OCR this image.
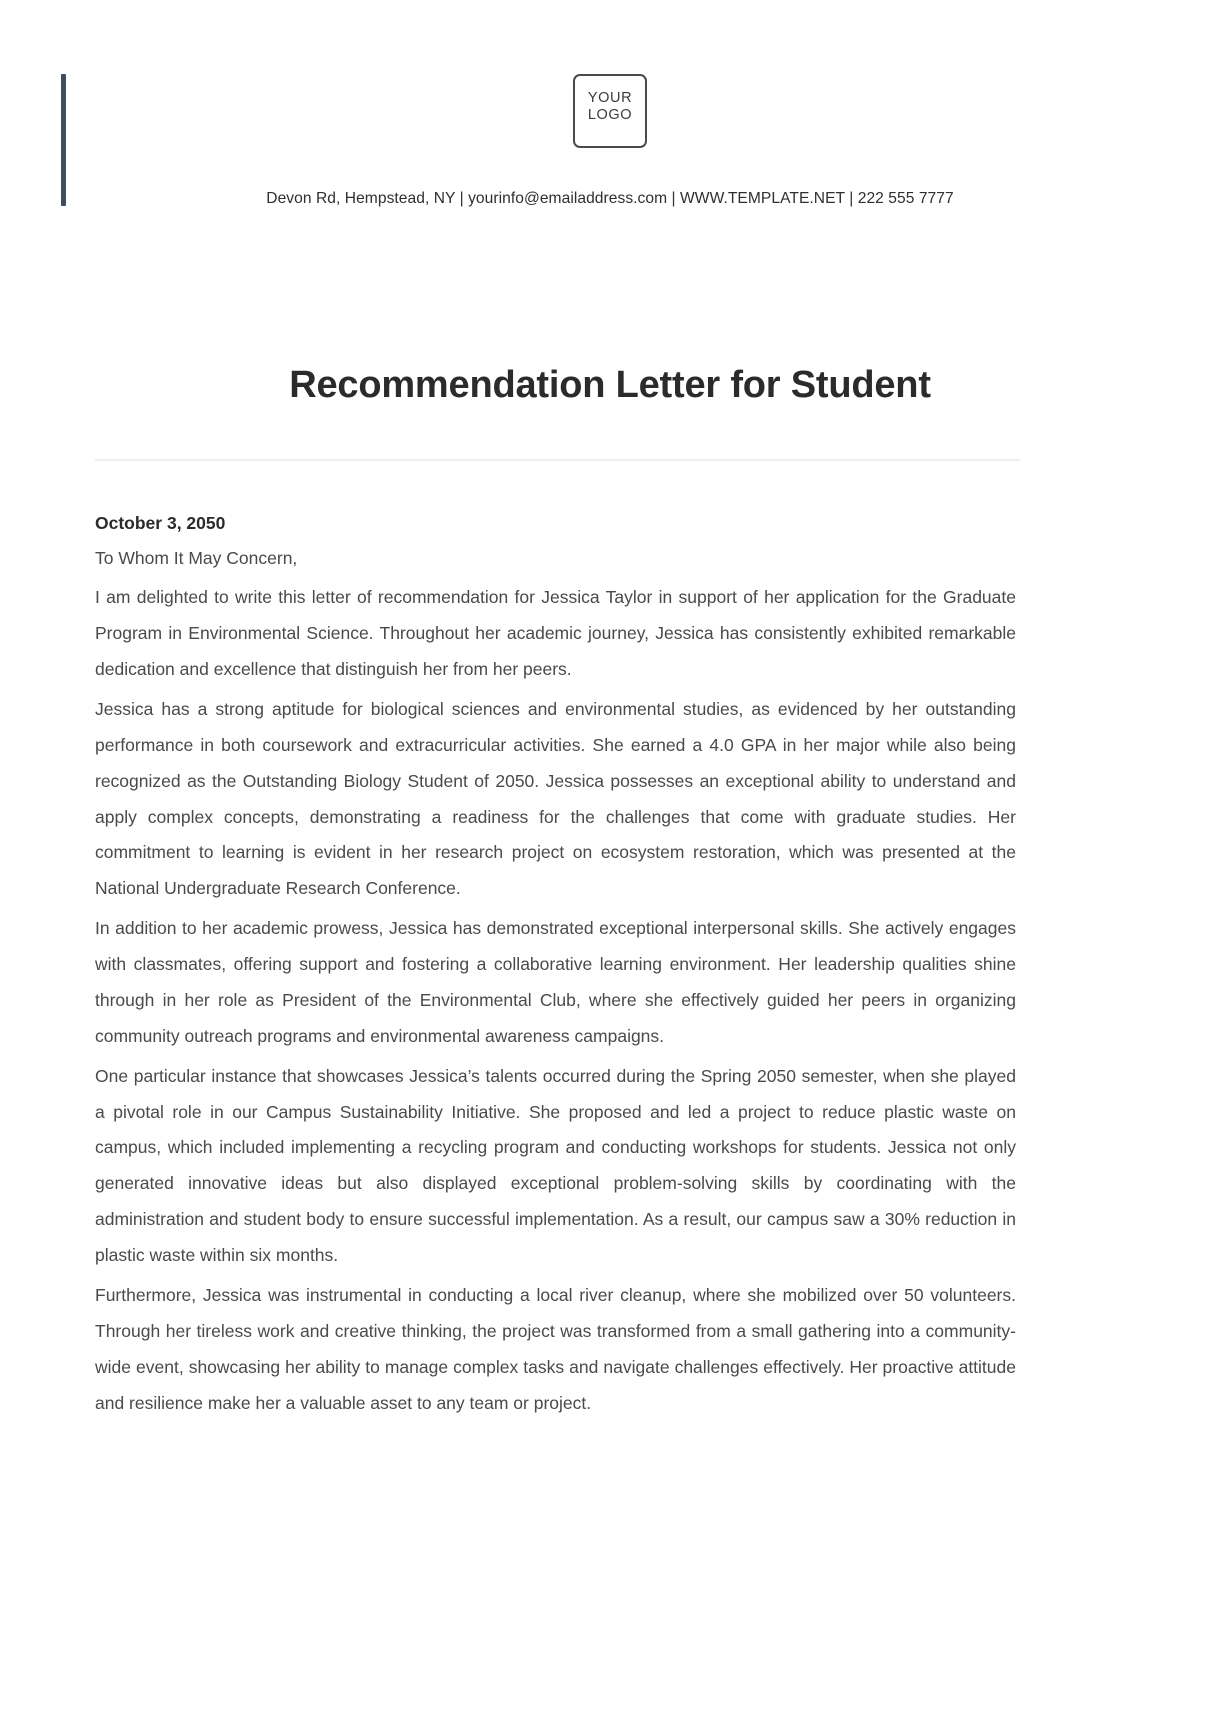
YOUR
LOGO
Devon Rd, Hempstead, NY | yourinfo@emailaddress.com | WWW.TEMPLATE.NET | 222 555 7777
Recommendation Letter for Student

October 3, 2050

To Whom It May Concern,

I am delighted to write this letter of recommendation for Jessica Taylor in support of her application for the Graduate Program in Environmental Science. Throughout her academic journey, Jessica has consistently exhibited remarkable dedication and excellence that distinguish her from her peers.

Jessica has a strong aptitude for biological sciences and environmental studies, as evidenced by her outstanding performance in both coursework and extracurricular activities. She earned a 4.0 GPA in her major while also being recognized as the Outstanding Biology Student of 2050. Jessica possesses an exceptional ability to understand and apply complex concepts, demonstrating a readiness for the challenges that come with graduate studies. Her commitment to learning is evident in her research project on ecosystem restoration, which was presented at the National Undergraduate Research Conference.

In addition to her academic prowess, Jessica has demonstrated exceptional interpersonal skills. She actively engages with classmates, offering support and fostering a collaborative learning environment. Her leadership qualities shine through in her role as President of the Environmental Club, where she effectively guided her peers in organizing community outreach programs and environmental awareness campaigns.

One particular instance that showcases Jessica’s talents occurred during the Spring 2050 semester, when she played a pivotal role in our Campus Sustainability Initiative. She proposed and led a project to reduce plastic waste on campus, which included implementing a recycling program and conducting workshops for students. Jessica not only generated innovative ideas but also displayed exceptional problem-solving skills by coordinating with the administration and student body to ensure successful implementation. As a result, our campus saw a 30% reduction in plastic waste within six months.

Furthermore, Jessica was instrumental in conducting a local river cleanup, where she mobilized over 50 volunteers. Through her tireless work and creative thinking, the project was transformed from a small gathering into a community-wide event, showcasing her ability to manage complex tasks and navigate challenges effectively. Her proactive attitude and resilience make her a valuable asset to any team or project.
